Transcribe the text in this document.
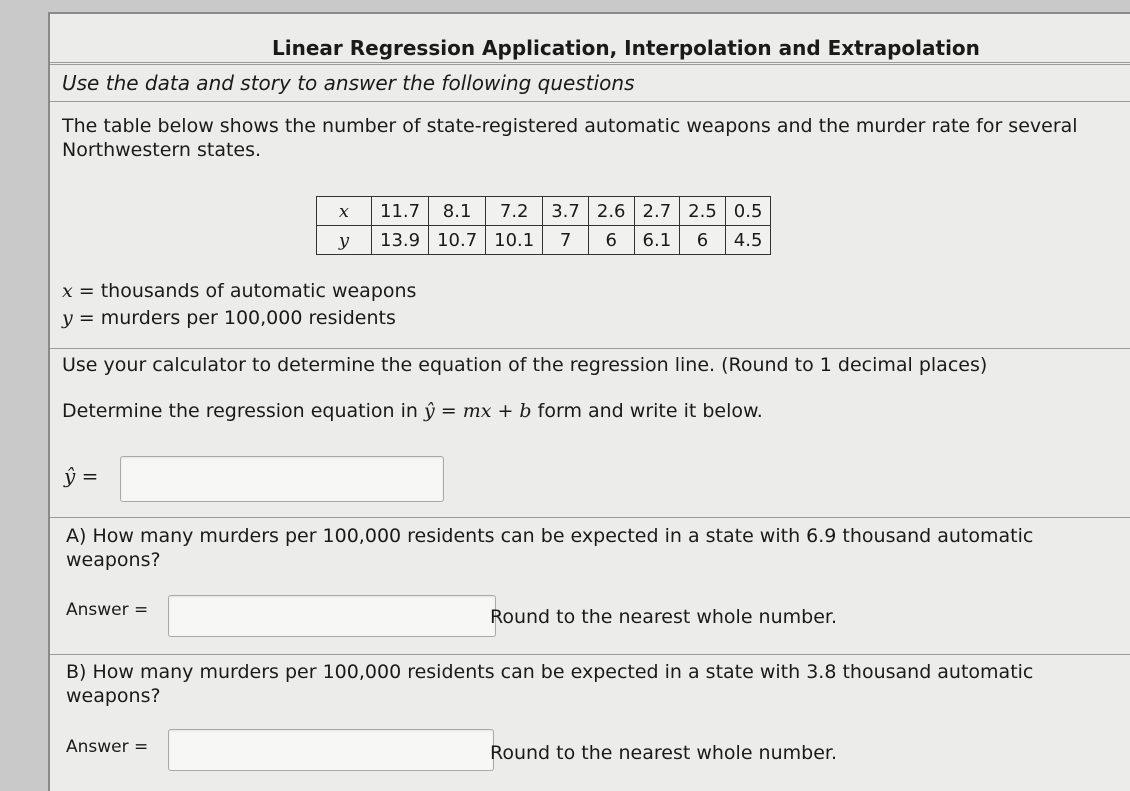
Linear Regression Application, Interpolation and Extrapolation
Use the data and story to answer the following questions
The table below shows the number of state-registered automatic weapons and the murder rate for several Northwestern states.
x	11.7	8.1	7.2	3.7	2.6	2.7	2.5	0.5
y	13.9	10.7	10.1	7	6	6.1	6	4.5
x = thousands of automatic weapons
y = murders per 100,000 residents
Use your calculator to determine the equation of the regression line. (Round to 1 decimal places)
Determine the regression equation in ŷ = mx + b form and write it below.
ŷ =
A) How many murders per 100,000 residents can be expected in a state with 6.9 thousand automatic weapons?
Answer =	Round to the nearest whole number.
B) How many murders per 100,000 residents can be expected in a state with 3.8 thousand automatic weapons?
Answer =	Round to the nearest whole number.
